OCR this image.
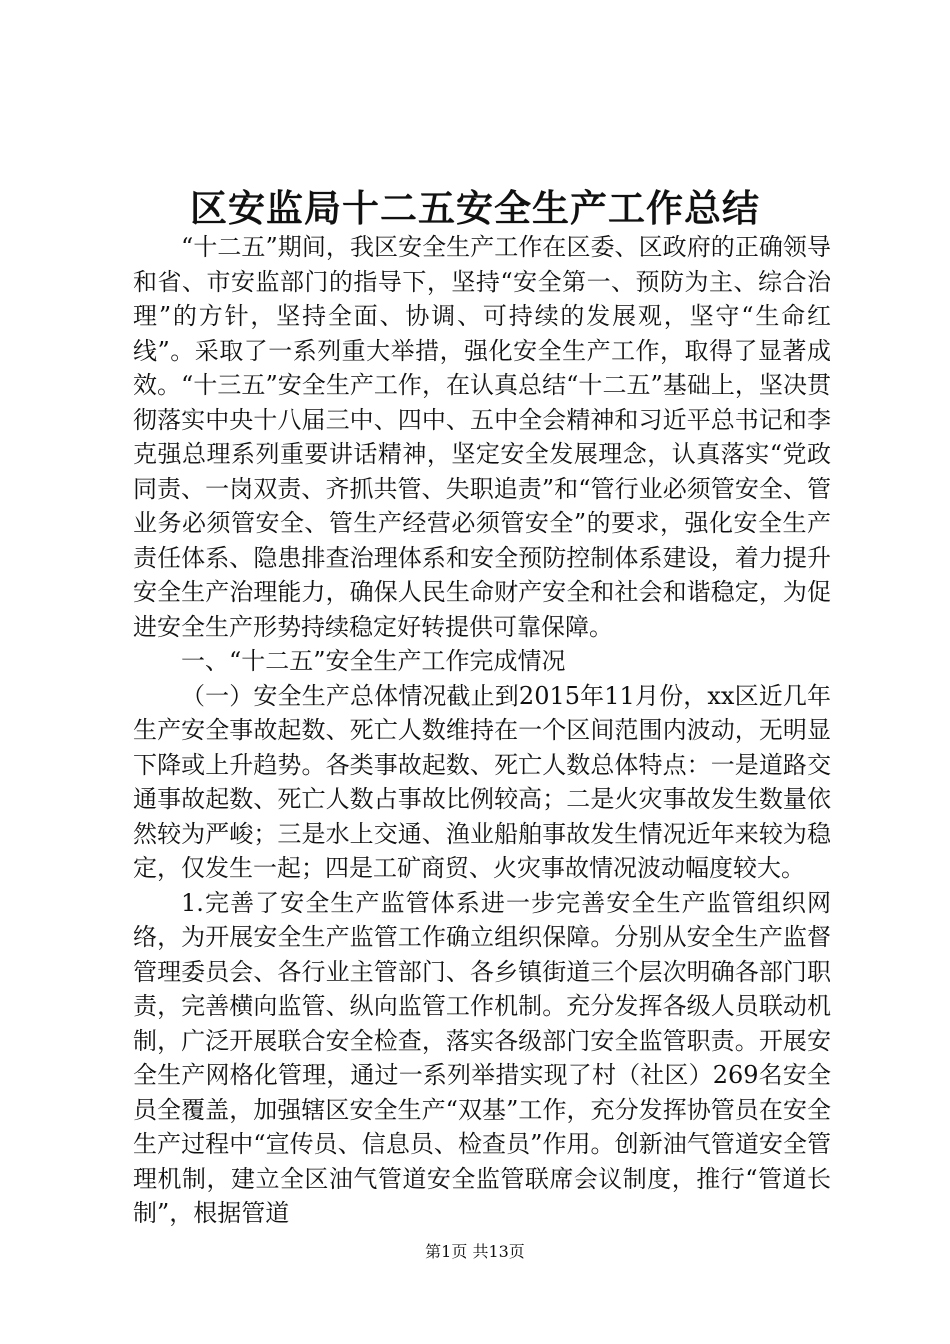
区安监局十二五安全生产工作总结

“十二五”期间，我区安全生产工作在区委、区政府的正确领导和省、市安监部门的指导下，坚持“安全第一、预防为主、综合治理”的方针，坚持全面、协调、可持续的发展观，坚守“生命红线”。采取了一系列重大举措，强化安全生产工作，取得了显著成效。“十三五”安全生产工作，在认真总结“十二五”基础上，坚决贯彻落实中央十八届三中、四中、五中全会精神和习近平总书记和李克强总理系列重要讲话精神，坚定安全发展理念，认真落实“党政同责、一岗双责、齐抓共管、失职追责”和“管行业必须管安全、管业务必须管安全、管生产经营必须管安全”的要求，强化安全生产责任体系、隐患排查治理体系和安全预防控制体系建设，着力提升安全生产治理能力，确保人民生命财产安全和社会和谐稳定，为促进安全生产形势持续稳定好转提供可靠保障。

一、“十二五”安全生产工作完成情况

（一）安全生产总体情况截止到2015年11月份，xx区近几年生产安全事故起数、死亡人数维持在一个区间范围内波动，无明显下降或上升趋势。各类事故起数、死亡人数总体特点：一是道路交通事故起数、死亡人数占事故比例较高；二是火灾事故发生数量依然较为严峻；三是水上交通、渔业船舶事故发生情况近年来较为稳定，仅发生一起；四是工矿商贸、火灾事故情况波动幅度较大。

1.完善了安全生产监管体系进一步完善安全生产监管组织网络，为开展安全生产监管工作确立组织保障。分别从安全生产监督管理委员会、各行业主管部门、各乡镇街道三个层次明确各部门职责，完善横向监管、纵向监管工作机制。充分发挥各级人员联动机制，广泛开展联合安全检查，落实各级部门安全监管职责。开展安全生产网格化管理，通过一系列举措实现了村（社区）269名安全员全覆盖，加强辖区安全生产“双基”工作，充分发挥协管员在安全生产过程中“宣传员、信息员、检查员”作用。创新油气管道安全管理机制，建立全区油气管道安全监管联席会议制度，推行“管道长制”，根据管道

第1页 共13页
